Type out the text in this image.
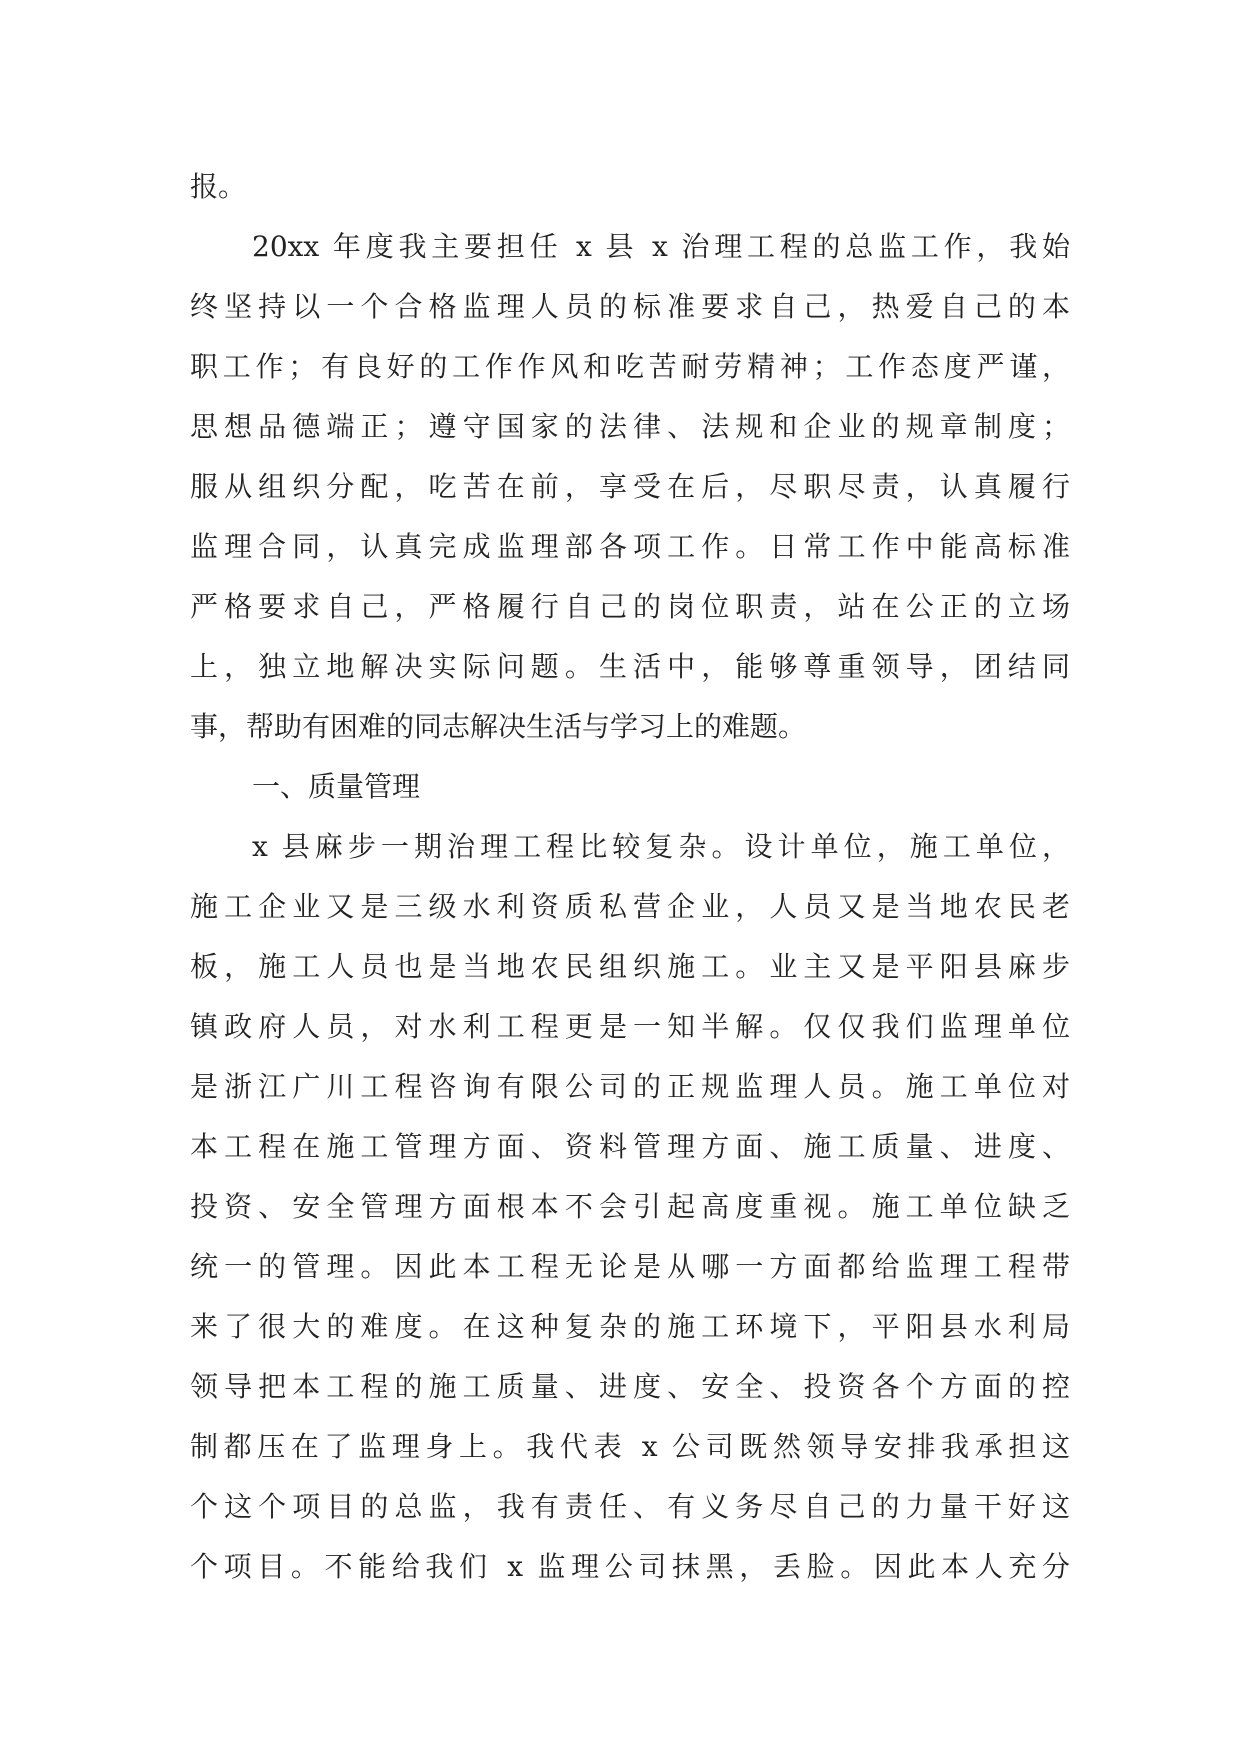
报。
20xx 年度我主要担任 x 县 x 治理工程的总监工作，我始
终坚持以一个合格监理人员的标准要求自己，热爱自己的本
职工作；有良好的工作作风和吃苦耐劳精神；工作态度严谨，
思想品德端正；遵守国家的法律、法规和企业的规章制度；
服从组织分配，吃苦在前，享受在后，尽职尽责，认真履行
监理合同，认真完成监理部各项工作。日常工作中能高标准
严格要求自己，严格履行自己的岗位职责，站在公正的立场
上，独立地解决实际问题。生活中，能够尊重领导，团结同
事，帮助有困难的同志解决生活与学习上的难题。
一、质量管理
x 县麻步一期治理工程比较复杂。设计单位，施工单位，
施工企业又是三级水利资质私营企业，人员又是当地农民老
板，施工人员也是当地农民组织施工。业主又是平阳县麻步
镇政府人员，对水利工程更是一知半解。仅仅我们监理单位
是浙江广川工程咨询有限公司的正规监理人员。施工单位对
本工程在施工管理方面、资料管理方面、施工质量、进度、
投资、安全管理方面根本不会引起高度重视。施工单位缺乏
统一的管理。因此本工程无论是从哪一方面都给监理工程带
来了很大的难度。在这种复杂的施工环境下，平阳县水利局
领导把本工程的施工质量、进度、安全、投资各个方面的控
制都压在了监理身上。我代表 x 公司既然领导安排我承担这
个这个项目的总监，我有责任、有义务尽自己的力量干好这
个项目。不能给我们 x 监理公司抹黑，丢脸。因此本人充分
